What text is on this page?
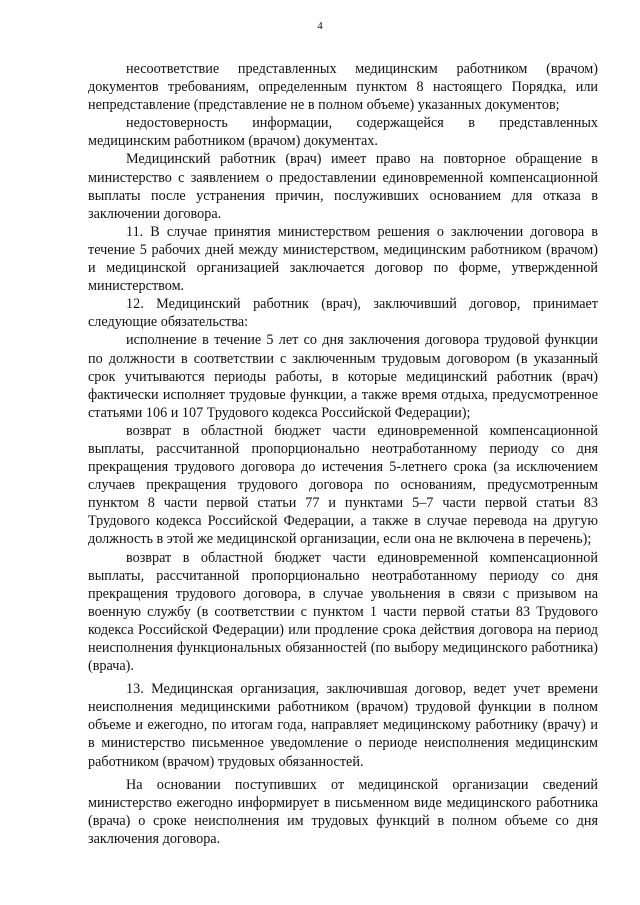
4

несоответствие представленных медицинским работником (врачом) документов требованиям, определенным пунктом 8 настоящего Порядка, или непредставление (представление не в полном объеме) указанных документов;

недостоверность информации, содержащейся в представленных медицинским работником (врачом) документах.

Медицинский работник (врач) имеет право на повторное обращение в министерство с заявлением о предоставлении единовременной компенсационной выплаты после устранения причин, послуживших основанием для отказа в заключении договора.

11. В случае принятия министерством решения о заключении договора в течение 5 рабочих дней между министерством, медицинским работником (врачом) и медицинской организацией заключается договор по форме, утвержденной министерством.

12. Медицинский работник (врач), заключивший договор, принимает следующие обязательства:

исполнение в течение 5 лет со дня заключения договора трудовой функции по должности в соответствии с заключенным трудовым договором (в указанный срок учитываются периоды работы, в которые медицинский работник (врач) фактически исполняет трудовые функции, а также время отдыха, предусмотренное статьями 106 и 107 Трудового кодекса Российской Федерации);

возврат в областной бюджет части единовременной компенсационной выплаты, рассчитанной пропорционально неотработанному периоду со дня прекращения трудового договора до истечения 5-летнего срока (за исключением случаев прекращения трудового договора по основаниям, предусмотренным пунктом 8 части первой статьи 77 и пунктами 5–7 части первой статьи 83 Трудового кодекса Российской Федерации, а также в случае перевода на другую должность в этой же медицинской организации, если она не включена в перечень);

возврат в областной бюджет части единовременной компенсационной выплаты, рассчитанной пропорционально неотработанному периоду со дня прекращения трудового договора, в случае увольнения в связи с призывом на военную службу (в соответствии с пунктом 1 части первой статьи 83 Трудового кодекса Российской Федерации) или продление срока действия договора на период неисполнения функциональных обязанностей (по выбору медицинского работника) (врача).

13. Медицинская организация, заключившая договор, ведет учет времени неисполнения медицинскими работником (врачом) трудовой функции в полном объеме и ежегодно, по итогам года, направляет медицинскому работнику (врачу) и в министерство письменное уведомление о периоде неисполнения медицинским работником (врачом) трудовых обязанностей.

На основании поступивших от медицинской организации сведений министерство ежегодно информирует в письменном виде медицинского работника (врача) о сроке неисполнения им трудовых функций в полном объеме со дня заключения договора.
